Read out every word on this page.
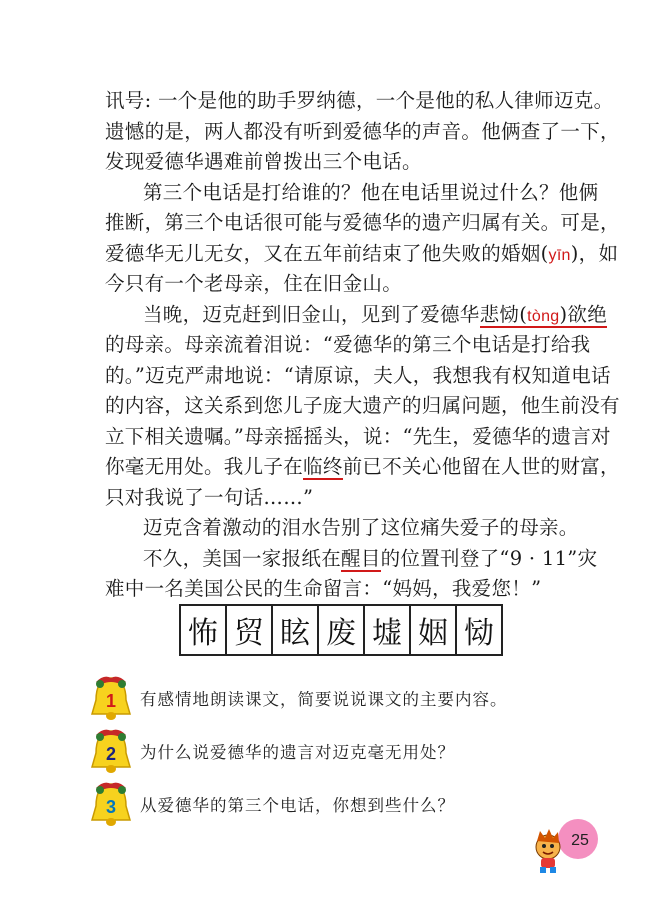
讯号: 一个是他的助手罗纳德，一个是他的私人律师迈克。
遗憾的是，两人都没有听到爱德华的声音。他俩查了一下，
发现爱德华遇难前曾拨出三个电话。
第三个电话是打给谁的？他在电话里说过什么？他俩
推断，第三个电话很可能与爱德华的遗产归属有关。可是，
爱德华无儿无女，又在五年前结束了他失败的婚姻(yīn)，如
今只有一个老母亲，住在旧金山。
当晚，迈克赶到旧金山，见到了爱德华悲恸(tòng)欲绝
的母亲。母亲流着泪说：“爱德华的第三个电话是打给我
的。”迈克严肃地说：“请原谅，夫人，我想我有权知道电话
的内容，这关系到您儿子庞大遗产的归属问题，他生前没有
立下相关遗嘱。”母亲摇摇头，说：“先生，爱德华的遗言对
你毫无用处。我儿子在临终前已不关心他留在人世的财富，
只对我说了一句话……”
迈克含着激动的泪水告别了这位痛失爱子的母亲。
不久，美国一家报纸在醒目的位置刊登了“9 · 11”灾
难中一名美国公民的生命留言：“妈妈，我爱您！”
怖 贸 眩 废 墟 姻 恸
1 有感情地朗读课文，简要说说课文的主要内容。
2 为什么说爱德华的遗言对迈克毫无用处？
3 从爱德华的第三个电话，你想到些什么？
25
